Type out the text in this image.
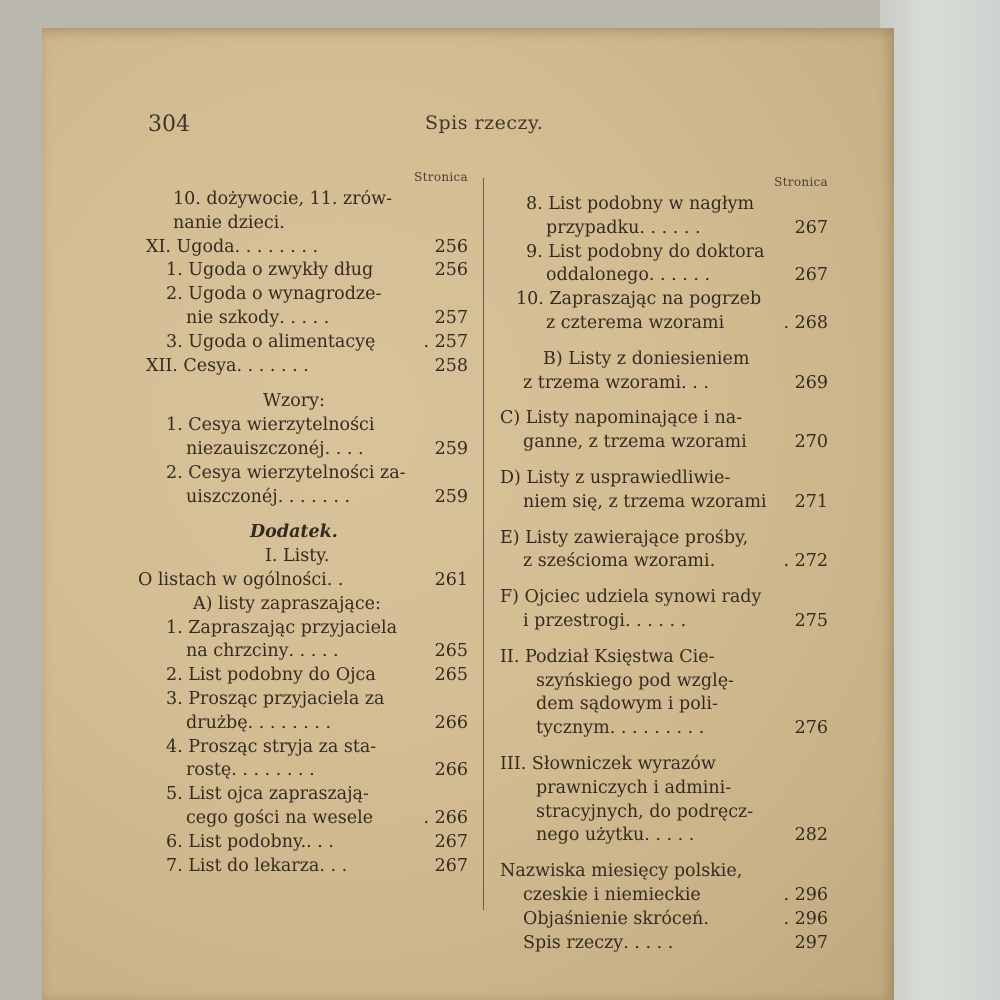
304	Spis rzeczy.
Stronica
10. dożywocie, 11. zrów-
nanie dzieci.
XI. Ugoda . . . . . . . .	256
1. Ugoda o zwykły dług	256
2. Ugoda o wynagrodze-
nie szkody . . . . .	257
3. Ugoda o alimentacyę	. 257
XII. Cesya . . . . . . .	258
Wzory:
1. Cesya wierzytelności
niezauiszczonéj . . . .	259
2. Cesya wierzytelności za-
uiszczonéj . . . . . . .	259
Dodatek.
I. Listy.
O listach w ogólności . .	261
A) listy zapraszające:
1. Zapraszając przyjaciela
na chrzciny . . . . .	265
2. List podobny do Ojca	265
3. Prosząc przyjaciela za
drużbę . . . . . . . .	266
4. Prosząc stryja za sta-
rostę . . . . . . . .	266
5. List ojca zapraszają-
cego gości na wesele	. 266
6. List podobny. . . .	267
7. List do lekarza . . .	267
Stronica
8. List podobny w nagłym
przypadku . . . . . .	267
9. List podobny do doktora
oddalonego . . . . . .	267
10. Zapraszając na pogrzeb
z czterema wzorami	. 268
B) Listy z doniesieniem
z trzema wzorami . . .	269
C) Listy napominające i na-
ganne, z trzema wzorami	270
D) Listy z usprawiedliwie-
niem się, z trzema wzorami 271
E) Listy zawierające prośby,
z sześcioma wzorami .	. 272
F) Ojciec udziela synowi rady
i przestrogi . . . . . .	275
II. Podział Księstwa Cie-
szyńskiego pod wzglę-
dem sądowym i poli-
tycznym . . . . . . . . .	276
III. Słowniczek wyrazów
prawniczych i admini-
stracyjnych, do podręcz-
nego użytku . . . . .	282
Nazwiska miesięcy polskie,
czeskie i niemieckie	. 296
Objaśnienie skróceń .	. 296
Spis rzeczy . . . . .	297
